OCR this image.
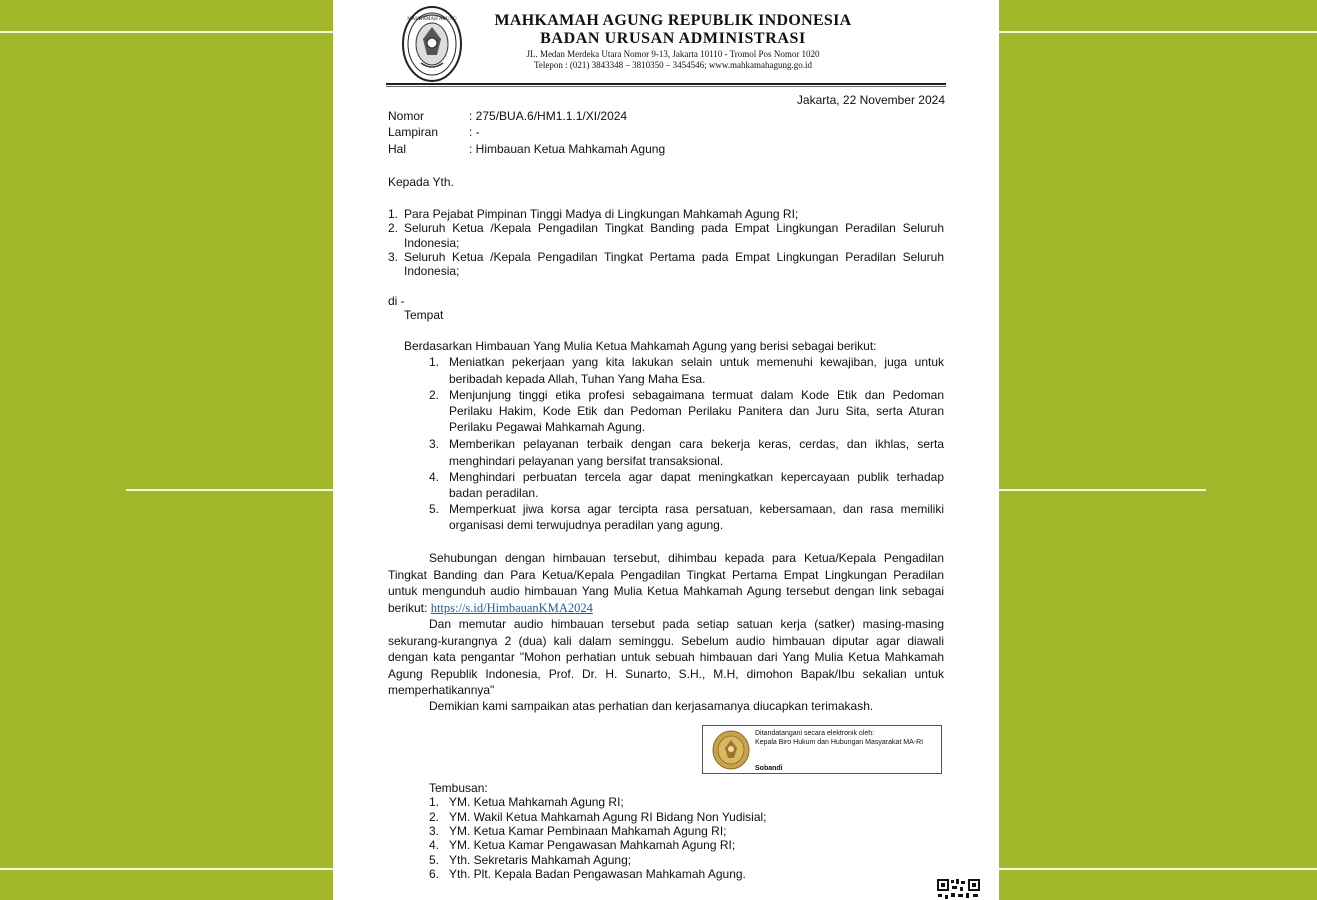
MAHKAMAH AGUNG	MAHKAMAH AGUNG REPUBLIK INDONESIA
BADAN URUSAN ADMINISTRASI
JL. Medan Merdeka Utara Nomor 9-13, Jakarta 10110 - Tromol Pos Nomor 1020
Telepon : (021) 3843348 – 3810350 – 3454546; www.mahkamahagung.go.id
Jakarta, 22 November 2024
Nomor	: 275/BUA.6/HM1.1.1/XI/2024
Lampiran	: -
Hal	: Himbauan Ketua Mahkamah Agung
Kepada Yth.
1. Para Pejabat Pimpinan Tinggi Madya di Lingkungan Mahkamah Agung RI;
2. Seluruh Ketua /Kepala Pengadilan Tingkat Banding pada Empat Lingkungan Peradilan Seluruh
Indonesia;
3. Seluruh Ketua /Kepala Pengadilan Tingkat Pertama pada Empat Lingkungan Peradilan Seluruh
Indonesia;
di -
Tempat
Berdasarkan Himbauan Yang Mulia Ketua Mahkamah Agung yang berisi sebagai berikut:
1. Meniatkan pekerjaan yang kita lakukan selain untuk memenuhi kewajiban, juga untuk
beribadah kepada Allah, Tuhan Yang Maha Esa.
2. Menjunjung tinggi etika profesi sebagaimana termuat dalam Kode Etik dan Pedoman
Perilaku Hakim, Kode Etik dan Pedoman Perilaku Panitera dan Juru Sita, serta Aturan
Perilaku Pegawai Mahkamah Agung.
3. Memberikan pelayanan terbaik dengan cara bekerja keras, cerdas, dan ikhlas, serta
menghindari pelayanan yang bersifat transaksional.
4. Menghindari perbuatan tercela agar dapat meningkatkan kepercayaan publik terhadap
badan peradilan.
5. Memperkuat jiwa korsa agar tercipta rasa persatuan, kebersamaan, dan rasa memiliki
organisasi demi terwujudnya peradilan yang agung.
Sehubungan dengan himbauan tersebut, dihimbau kepada para Ketua/Kepala Pengadilan
Tingkat Banding dan Para Ketua/Kepala Pengadilan Tingkat Pertama Empat Lingkungan Peradilan
untuk mengunduh audio himbauan Yang Mulia Ketua Mahkamah Agung tersebut dengan link sebagai
berikut: https://s.id/HimbauanKMA2024
Dan memutar audio himbauan tersebut pada setiap satuan kerja (satker) masing-masing
sekurang-kurangnya 2 (dua) kali dalam seminggu. Sebelum audio himbauan diputar agar diawali
dengan kata pengantar "Mohon perhatian untuk sebuah himbauan dari Yang Mulia Ketua Mahkamah
Agung Republik Indonesia, Prof. Dr. H. Sunarto, S.H., M.H, dimohon Bapak/Ibu sekalian untuk
memperhatikannya"
Demikian kami sampaikan atas perhatian dan kerjasamanya diucapkan terimakash.
Ditandatangani secara elektronik oleh:
Kepala Biro Hukum dan Hubungan Masyarakat MA-RI
Sobandi
Tembusan:
1. YM. Ketua Mahkamah Agung RI;
2. YM. Wakil Ketua Mahkamah Agung RI Bidang Non Yudisial;
3. YM. Ketua Kamar Pembinaan Mahkamah Agung RI;
4. YM. Ketua Kamar Pengawasan Mahkamah Agung RI;
5. Yth. Sekretaris Mahkamah Agung;
6. Yth. Plt. Kepala Badan Pengawasan Mahkamah Agung.
